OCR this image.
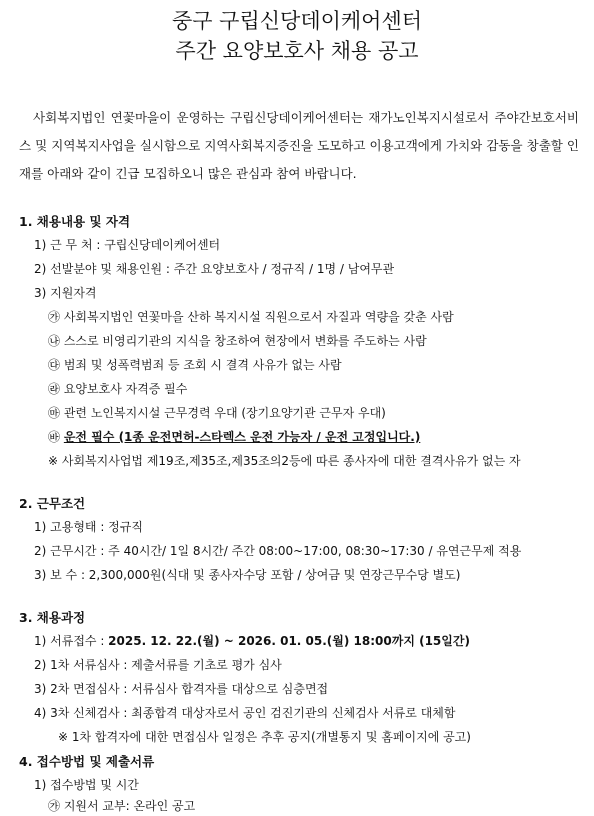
중구 구립신당데이케어센터
주간 요양보호사 채용 공고

사회복지법인 연꽃마을이 운영하는 구립신당데이케어센터는 재가노인복지시설로서 주야간보호서비스 및 지역복지사업을 실시함으로 지역사회복지증진을 도모하고 이용고객에게 가치와 감동을 창출할 인재를 아래와 같이 긴급 모집하오니 많은 관심과 참여 바랍니다.

1. 채용내용 및 자격

1) 근 무 처 : 구립신당데이케어센터

2) 선발분야 및 채용인원 : 주간 요양보호사 / 정규직 / 1명 / 남여무관

3) 지원자격

㉮ 사회복지법인 연꽃마을 산하 복지시설 직원으로서 자질과 역량을 갖춘 사람

㉯ 스스로 비영리기관의 지식을 창조하여 현장에서 변화를 주도하는 사람

㉰ 범죄 및 성폭력범죄 등 조회 시 결격 사유가 없는 사람

㉱ 요양보호사 자격증 필수

㉲ 관련 노인복지시설 근무경력 우대 (장기요양기관 근무자 우대)

㉳ 운전 필수 (1종 운전면허-스타렉스 운전 가능자 / 운전 고정입니다.)

※ 사회복지사업법 제19조,제35조,제35조의2등에 따른 종사자에 대한 결격사유가 없는 자

2. 근무조건

1) 고용형태 : 정규직

2) 근무시간 : 주 40시간/ 1일 8시간/ 주간 08:00~17:00, 08:30~17:30 / 유연근무제 적용

3) 보 수 : 2,300,000원(식대 및 종사자수당 포함 / 상여금 및 연장근무수당 별도)

3. 채용과정

1) 서류접수 : 2025. 12. 22.(월) ~ 2026. 01. 05.(월) 18:00까지 (15일간)

2) 1차 서류심사 : 제출서류를 기초로 평가 심사

3) 2차 면접심사 : 서류심사 합격자를 대상으로 심층면접

4) 3차 신체검사 : 최종합격 대상자로서 공인 검진기관의 신체검사 서류로 대체함

※ 1차 합격자에 대한 면접심사 일정은 추후 공지(개별통지 및 홈페이지에 공고)

4. 접수방법 및 제출서류

1) 접수방법 및 시간

㉮ 지원서 교부: 온라인 공고
